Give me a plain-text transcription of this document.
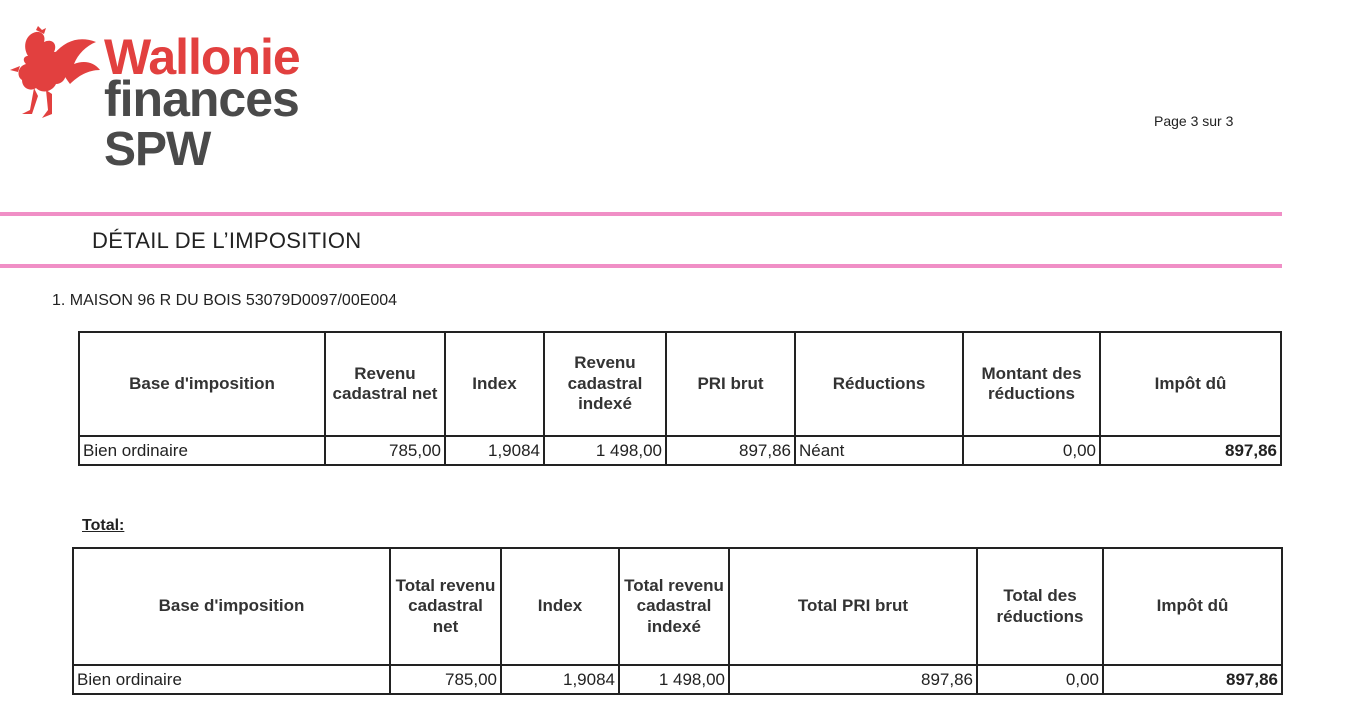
Wallonie
finances
SPW
Page 3 sur 3
DÉTAIL DE L’IMPOSITION
1. MAISON 96 R DU BOIS 53079D0097/00E004
Base d'imposition	Revenu cadastral net	Index	Revenu cadastral indexé	PRI brut	Réductions	Montant des réductions	Impôt dû
Bien ordinaire	785,00	1,9084	1 498,00	897,86	Néant	0,00	897,86
Total:
Base d'imposition	Total revenu cadastral net	Index	Total revenu cadastral indexé	Total PRI brut	Total des réductions	Impôt dû
Bien ordinaire	785,00	1,9084	1 498,00	897,86	0,00	897,86
